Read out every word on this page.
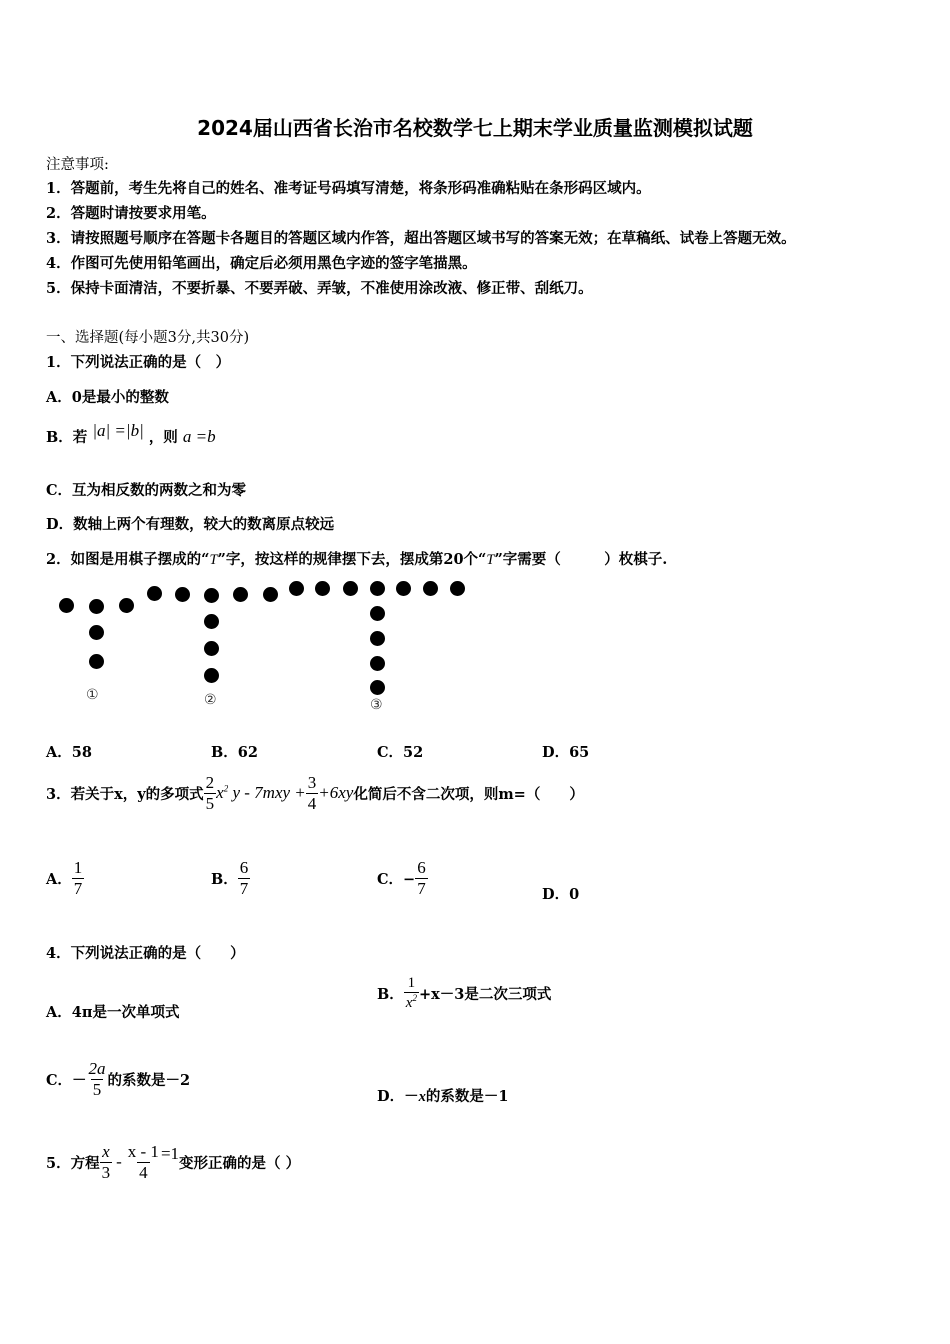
2024届山西省长治市名校数学七上期末学业质量监测模拟试题
注意事项:
1．答题前，考生先将自己的姓名、准考证号码填写清楚，将条形码准确粘贴在条形码区域内。
2．答题时请按要求用笔。
3．请按照题号顺序在答题卡各题目的答题区域内作答，超出答题区域书写的答案无效；在草稿纸、试卷上答题无效。
4．作图可先使用铅笔画出，确定后必须用黑色字迹的签字笔描黑。
5．保持卡面清洁，不要折暴、不要弄破、弄皱，不准使用涂改液、修正带、刮纸刀。
一、选择题(每小题3分,共30分)
1．下列说法正确的是（　）
A．0是最小的整数
B．若 |a| =|b| ，则 a =b
C．互为相反数的两数之和为零
D．数轴上两个有理数，较大的数离原点较远
2．如图是用棋子摆成的“T”字，按这样的规律摆下去，摆成第20个“T”字需要（　　　）枚棋子.
①	②	③
A．58	B．62	C．52	D．65
3．若关于x，y的多项式 $\frac{2}{5} x^2$ $y - 7mxy + \frac{3}{4} +6xy$ 化简后不含二次项，则m=（　　）
A． $\frac{1}{7}$	B． $\frac{6}{7}$	C．− $\frac{6}{7}$	D．0
4．下列说法正确的是（　　）
A．4π是一次单项式
B． $\frac{1}{x^2} +x-3$是二次三项式
C．－ $\frac{2a}{5}$ 的系数是－2
D．－x的系数是－1
5．方程 $\frac{x}{3} - \frac{x - 1}{4} =1$ 变形正确的是（ ）
